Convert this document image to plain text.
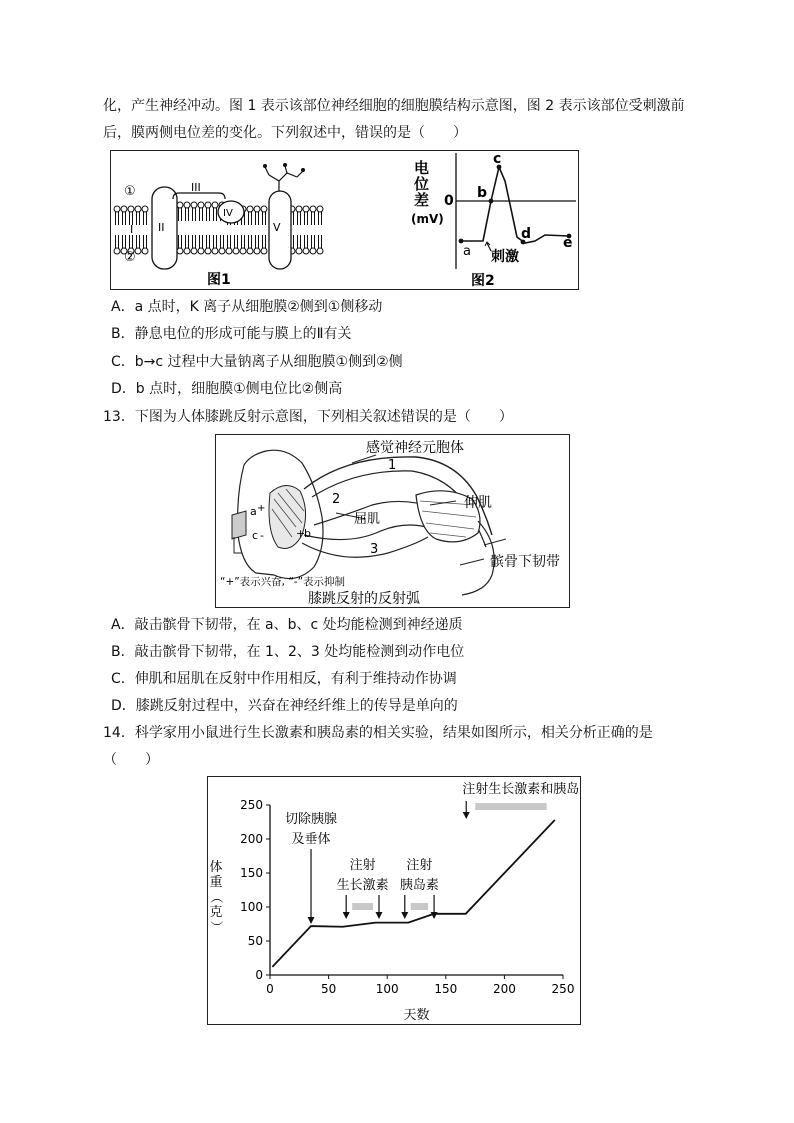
化，产生神经冲动。图 1 表示该部位神经细胞的细胞膜结构示意图，图 2 表示该部位受刺激前
后，膜两侧电位差的变化。下列叙述中，错误的是（　　）
①
②
I II
III
IV
V
图1
电
位
差 0
(mV)
a
b
c
d
e
刺激
图2
A．a 点时，K 离子从细胞膜②侧到①侧移动
B．静息电位的形成可能与膜上的Ⅱ有关
C．b→c 过程中大量钠离子从细胞膜①侧到②侧
D．b 点时，细胞膜①侧电位比②侧高
13．下图为人体膝跳反射示意图，下列相关叙述错误的是（　　）
感觉神经元胞体
1
2
3
伸肌
屈肌
髌骨下韧带
a +
c -	+
b
“+”表示兴奋, “-”表示抑制
膝跳反射的反射弧
A．敲击髌骨下韧带，在 a、b、c 处均能检测到神经递质
B．敲击髌骨下韧带，在 1、2、3 处均能检测到动作电位
C．伸肌和屈肌在反射中作用相反，有利于维持动作协调
D．膝跳反射过程中，兴奋在神经纤维上的传导是单向的
14．科学家用小鼠进行生长激素和胰岛素的相关实验，结果如图所示，相关分析正确的是
（　　）
0	50	100	150	200	250
0
50
100
150
200
250
切除胰腺
及垂体
注射
生长激素
注射
胰岛素
注射生长激素和胰岛素
天数
体
重
（
克
）
